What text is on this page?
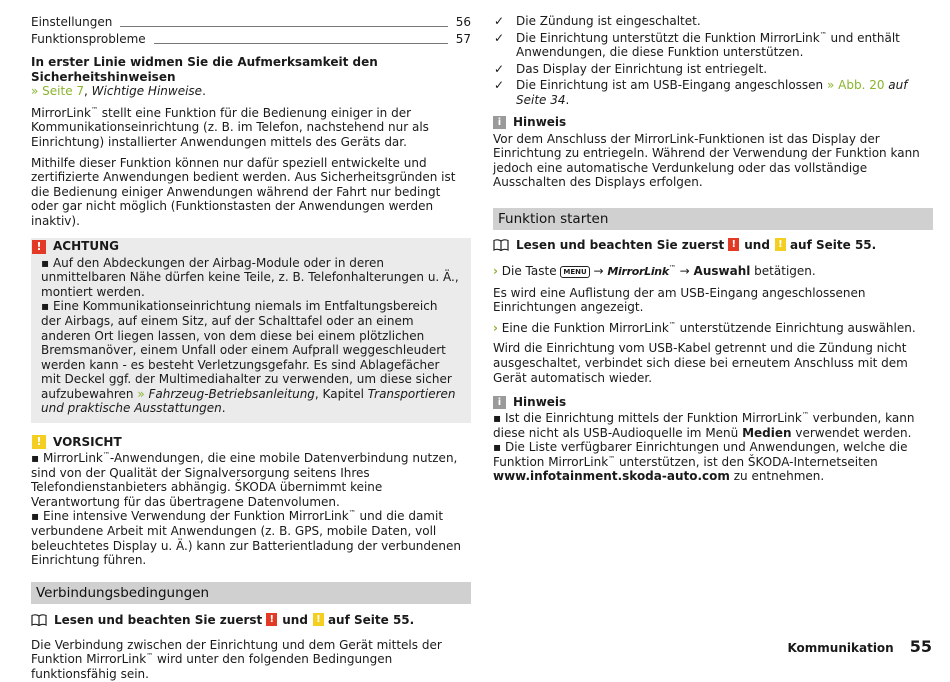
Einstellungen	56
Funktionsprobleme	57

In erster Linie widmen Sie die Aufmerksamkeit den Sicherheitshinweisen
» Seite 7, Wichtige Hinweise.

MirrorLink™ stellt eine Funktion für die Bedienung einiger in der Kommunikationseinrichtung (z. B. im Telefon, nachstehend nur als Einrichtung) installierter Anwendungen mittels des Geräts dar.

Mithilfe dieser Funktion können nur dafür speziell entwickelte und zertifizierte Anwendungen bedient werden. Aus Sicherheitsgründen ist die Bedienung einiger Anwendungen während der Fahrt nur bedingt oder gar nicht möglich (Funktionstasten der Anwendungen werden inaktiv).

! ACHTUNG

▪ Auf den Abdeckungen der Airbag-Module oder in deren unmittelbaren Nähe dürfen keine Teile, z. B. Telefonhalterungen u. Ä., montiert werden.

▪ Eine Kommunikationseinrichtung niemals im Entfaltungsbereich der Airbags, auf einem Sitz, auf der Schalttafel oder an einem anderen Ort liegen lassen, von dem diese bei einem plötzlichen Bremsmanöver, einem Unfall oder einem Aufprall weggeschleudert werden kann - es besteht Verletzungsgefahr. Es sind Ablagefächer mit Deckel ggf. der Multimediahalter zu verwenden, um diese sicher aufzubewahren » Fahrzeug-Betriebsanleitung, Kapitel Transportieren und praktische Ausstattungen.

! VORSICHT

▪ MirrorLink™-Anwendungen, die eine mobile Datenverbindung nutzen, sind von der Qualität der Signalversorgung seitens Ihres Telefondienstanbieters abhängig. ŠKODA übernimmt keine Verantwortung für das übertragene Datenvolumen.

▪ Eine intensive Verwendung der Funktion MirrorLink™ und die damit verbundene Arbeit mit Anwendungen (z. B. GPS, mobile Daten, voll beleuchtetes Display u. Ä.) kann zur Batterientladung der verbundenen Einrichtung führen.

Verbindungsbedingungen
Lesen und beachten Sie zuerst ! und ! auf Seite 55.

Die Verbindung zwischen der Einrichtung und dem Gerät mittels der Funktion MirrorLink™ wird unter den folgenden Bedingungen funktionsfähig sein.

✓ Die Zündung ist eingeschaltet.
✓ Die Einrichtung unterstützt die Funktion MirrorLink™ und enthält Anwendungen, die diese Funktion unterstützen.
✓ Das Display der Einrichtung ist entriegelt.
✓ Die Einrichtung ist am USB-Eingang angeschlossen » Abb. 20 auf Seite 34.
i Hinweis

Vor dem Anschluss der MirrorLink-Funktionen ist das Display der Einrichtung zu entriegeln. Während der Verwendung der Funktion kann jedoch eine automatische Verdunkelung oder das vollständige Ausschalten des Displays erfolgen.

Funktion starten
Lesen und beachten Sie zuerst ! und ! auf Seite 55.

› Die Taste MENU → MirrorLink™ → Auswahl betätigen.

Es wird eine Auflistung der am USB-Eingang angeschlossenen Einrichtungen angezeigt.

› Eine die Funktion MirrorLink™ unterstützende Einrichtung auswählen.

Wird die Einrichtung vom USB-Kabel getrennt und die Zündung nicht ausgeschaltet, verbindet sich diese bei erneutem Anschluss mit dem Gerät automatisch wieder.

i Hinweis

▪ Ist die Einrichtung mittels der Funktion MirrorLink™ verbunden, kann diese nicht als USB-Audioquelle im Menü Medien verwendet werden.

▪ Die Liste verfügbarer Einrichtungen und Anwendungen, welche die Funktion MirrorLink™ unterstützen, ist den ŠKODA-Internetseiten www.infotainment.skoda-auto.com zu entnehmen.

Kommunikation 55
